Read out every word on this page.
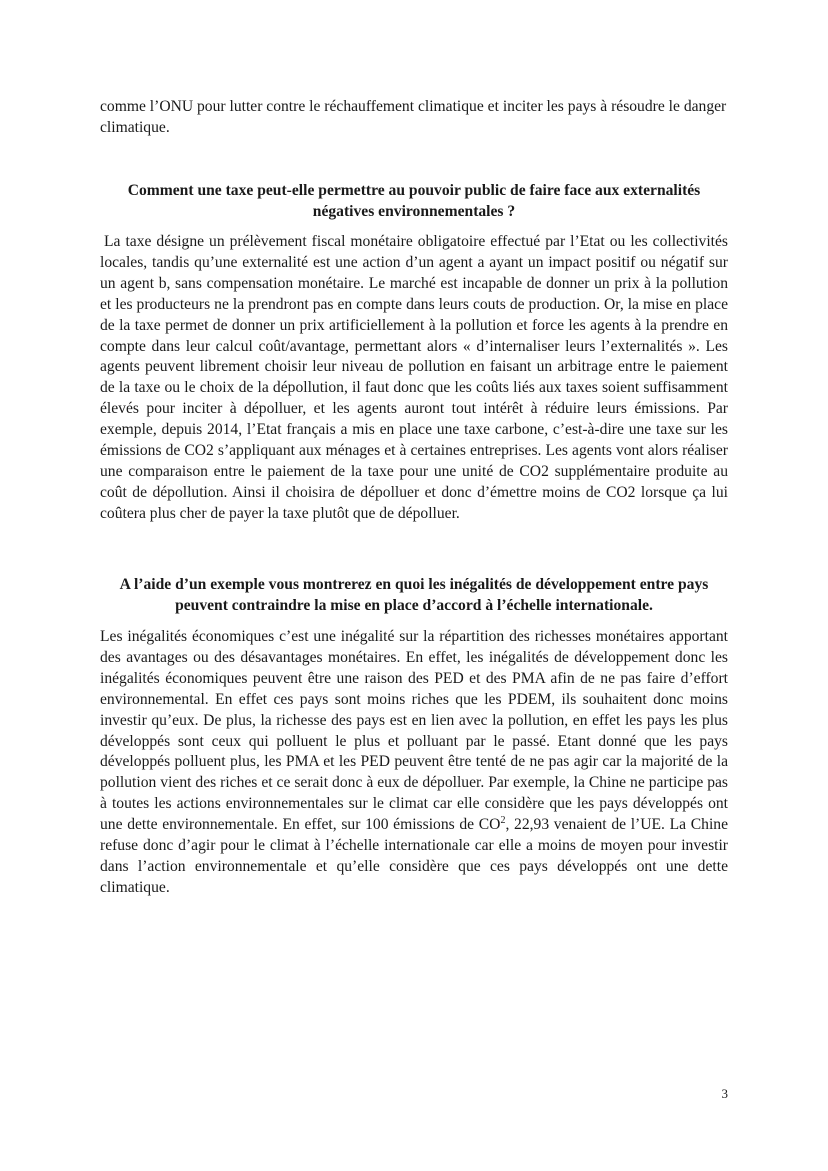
comme l’ONU pour lutter contre le réchauffement climatique et inciter les pays à résoudre le danger climatique.

Comment une taxe peut-elle permettre au pouvoir public de faire face aux externalités négatives environnementales ?

La taxe désigne un prélèvement fiscal monétaire obligatoire effectué par l’Etat ou les collectivités locales, tandis qu’une externalité est une action d’un agent a ayant un impact positif ou négatif sur un agent b, sans compensation monétaire. Le marché est incapable de donner un prix à la pollution et les producteurs ne la prendront pas en compte dans leurs couts de production. Or, la mise en place de la taxe permet de donner un prix artificiellement à la pollution et force les agents à la prendre en compte dans leur calcul coût/avantage, permettant alors « d’internaliser leurs l’externalités ». Les agents peuvent librement choisir leur niveau de pollution en faisant un arbitrage entre le paiement de la taxe ou le choix de la dépollution, il faut donc que les coûts liés aux taxes soient suffisamment élevés pour inciter à dépolluer, et les agents auront tout intérêt à réduire leurs émissions. Par exemple, depuis 2014, l’Etat français a mis en place une taxe carbone, c’est-à-dire une taxe sur les émissions de CO2 s’appliquant aux ménages et à certaines entreprises. Les agents vont alors réaliser une comparaison entre le paiement de la taxe pour une unité de CO2 supplémentaire produite au coût de dépollution. Ainsi il choisira de dépolluer et donc d’émettre moins de CO2 lorsque ça lui coûtera plus cher de payer la taxe plutôt que de dépolluer.

A l’aide d’un exemple vous montrerez en quoi les inégalités de développement entre pays peuvent contraindre la mise en place d’accord à l’échelle internationale.

Les inégalités économiques c’est une inégalité sur la répartition des richesses monétaires apportant des avantages ou des désavantages monétaires. En effet, les inégalités de développement donc les inégalités économiques peuvent être une raison des PED et des PMA afin de ne pas faire d’effort environnemental. En effet ces pays sont moins riches que les PDEM, ils souhaitent donc moins investir qu’eux. De plus, la richesse des pays est en lien avec la pollution, en effet les pays les plus développés sont ceux qui polluent le plus et polluant par le passé. Etant donné que les pays développés polluent plus, les PMA et les PED peuvent être tenté de ne pas agir car la majorité de la pollution vient des riches et ce serait donc à eux de dépolluer. Par exemple, la Chine ne participe pas à toutes les actions environnementales sur le climat car elle considère que les pays développés ont une dette environnementale. En effet, sur 100 émissions de $CO^2$, 22,93 venaient de l’UE. La Chine refuse donc d’agir pour le climat à l’échelle internationale car elle a moins de moyen pour investir dans l’action environnementale et qu’elle considère que ces pays développés ont une dette climatique.

3
